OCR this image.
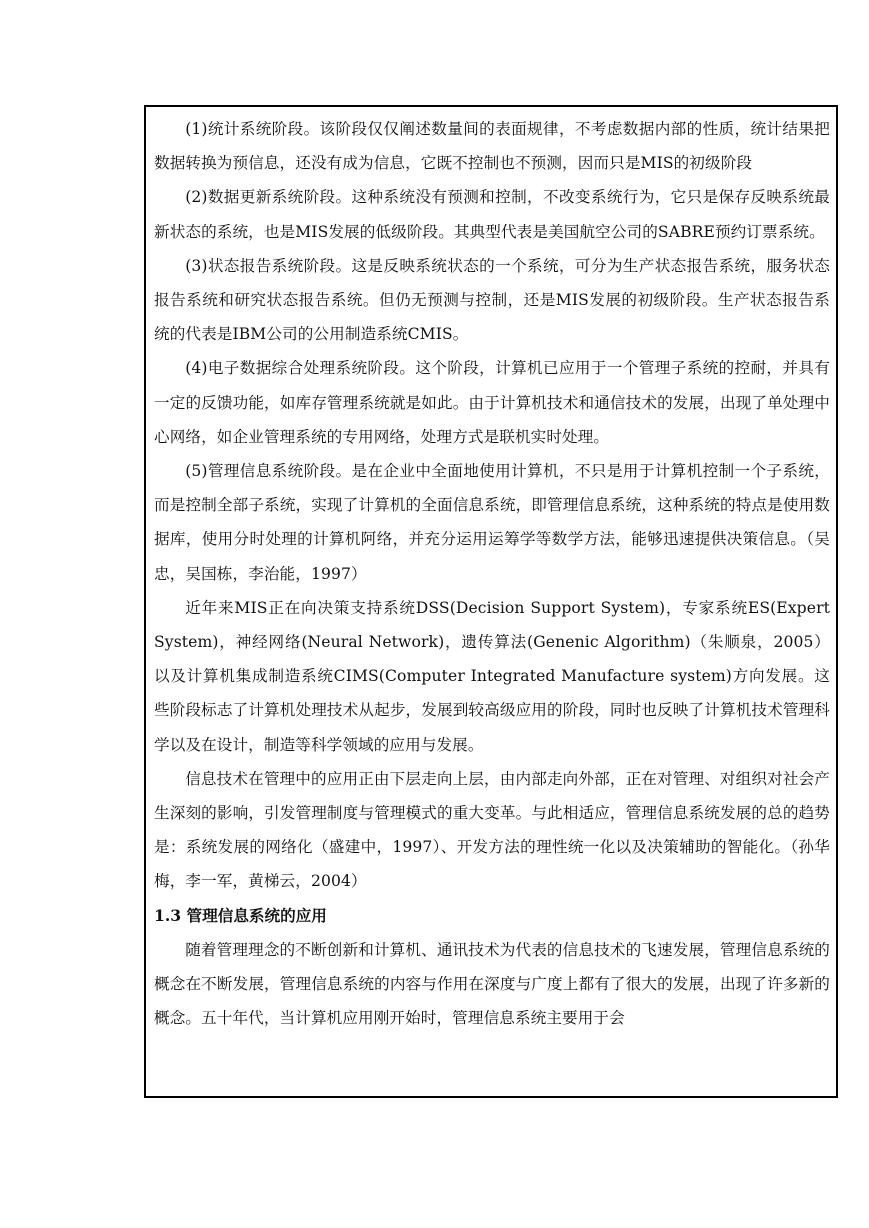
(1)统计系统阶段。该阶段仅仅阐述数量间的表面规律，不考虑数据内部的性质，统计结果把数据转换为预信息，还没有成为信息，它既不控制也不预测，因而只是MIS的初级阶段

(2)数据更新系统阶段。这种系统没有预测和控制，不改变系统行为，它只是保存反映系统最新状态的系统，也是MIS发展的低级阶段。其典型代表是美国航空公司的SABRE预约订票系统。

(3)状态报告系统阶段。这是反映系统状态的一个系统，可分为生产状态报告系统，服务状态报告系统和研究状态报告系统。但仍无预测与控制，还是MIS发展的初级阶段。生产状态报告系统的代表是IBM公司的公用制造系统CMIS。

(4)电子数据综合处理系统阶段。这个阶段，计算机已应用于一个管理子系统的控耐，并具有一定的反馈功能，如库存管理系统就是如此。由于计算机技术和通信技术的发展，出现了单处理中心网络，如企业管理系统的专用网络，处理方式是联机实时处理。

(5)管理信息系统阶段。是在企业中全面地使用计算机，不只是用于计算机控制一个子系统，而是控制全部子系统，实现了计算机的全面信息系统，即管理信息系统，这种系统的特点是使用数据库，使用分时处理的计算机阿络，并充分运用运筹学等数学方法，能够迅速提供决策信息。（吴忠，吴国栋，李治能，1997）

近年来MIS正在向决策支持系统DSS(Decision Support System)，专家系统ES(Expert System)，神经网络(Neural Network)，遗传算法(Genenic Algorithm)（朱顺泉，2005）以及计算机集成制造系统CIMS(Computer Integrated Manufacture system)方向发展。这些阶段标志了计算机处理技术从起步，发展到较高级应用的阶段，同时也反映了计算机技术管理科学以及在设计，制造等科学领域的应用与发展。

信息技术在管理中的应用正由下层走向上层，由内部走向外部，正在对管理、对组织对社会产生深刻的影响，引发管理制度与管理模式的重大变革。与此相适应，管理信息系统发展的总的趋势是：系统发展的网络化（盛建中，1997）、开发方法的理性统一化以及决策辅助的智能化。（孙华梅，李一军，黄梯云，2004）

1.3 管理信息系统的应用

随着管理理念的不断创新和计算机、通讯技术为代表的信息技术的飞速发展，管理信息系统的概念在不断发展，管理信息系统的内容与作用在深度与广度上都有了很大的发展，出现了许多新的概念。五十年代，当计算机应用刚开始时，管理信息系统主要用于会
